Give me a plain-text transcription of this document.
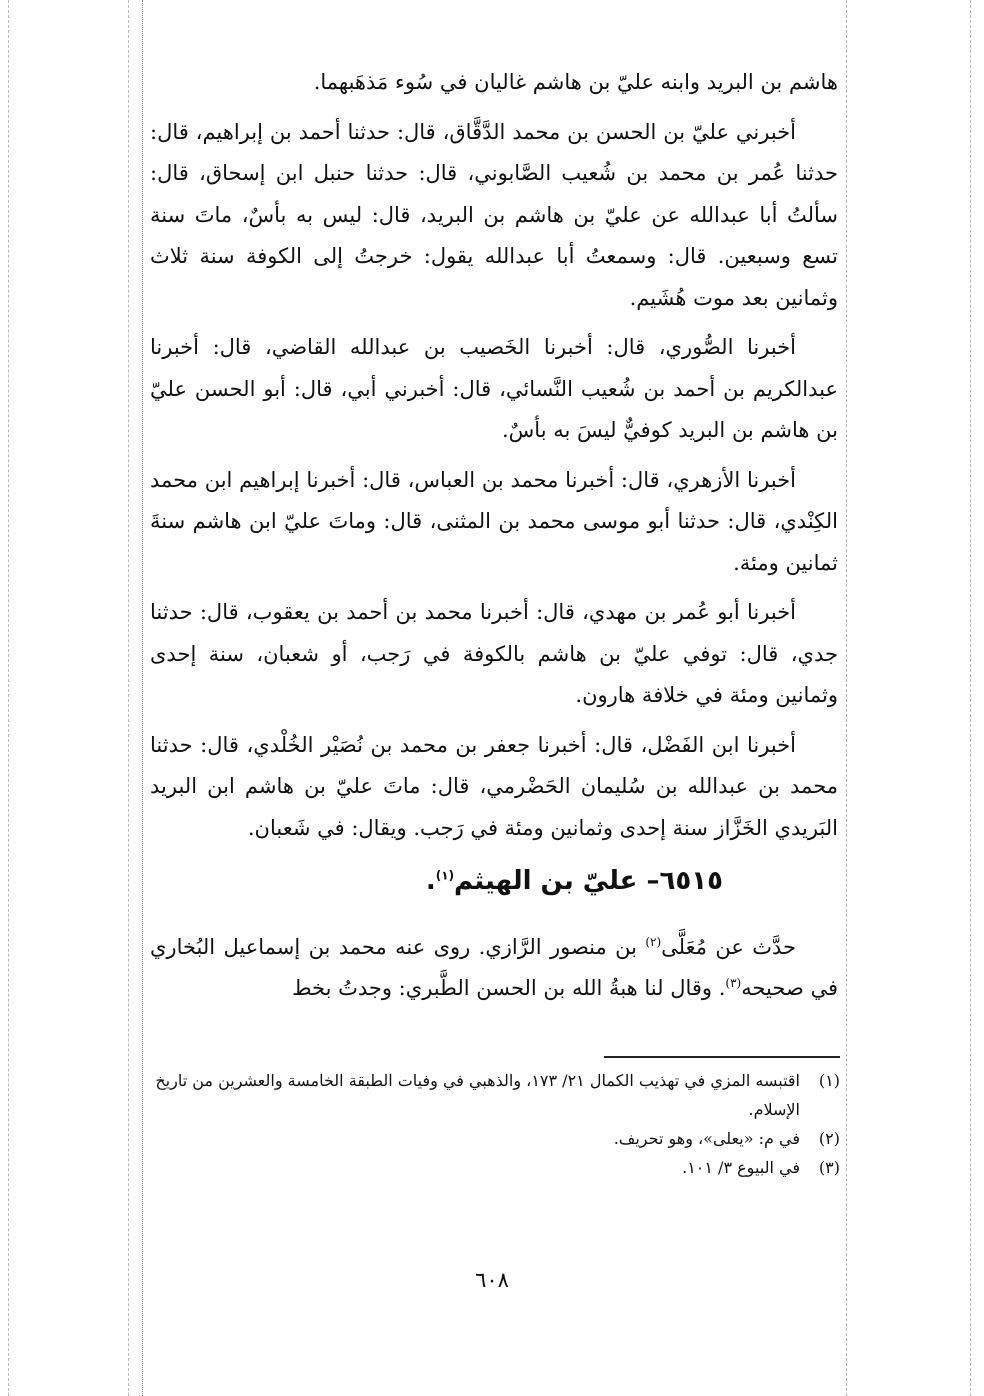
هاشم بن البريد وابنه عليّ بن هاشم غاليان في سُوء مَذهَبهما.

أخبرني عليّ بن الحسن بن محمد الدَّقَّاق، قال: حدثنا أحمد بن إبراهيم، قال: حدثنا عُمر بن محمد بن شُعيب الصَّابوني، قال: حدثنا حنبل ابن إسحاق، قال: سألتُ أبا عبدالله عن عليّ بن هاشم بن البريد، قال: ليس به بأسٌ، ماتَ سنة تسع وسبعين. قال: وسمعتُ أبا عبدالله يقول: خرجتُ إلى الكوفة سنة ثلاث وثمانين بعد موت هُشَيم.

أخبرنا الصُّوري، قال: أخبرنا الخَصيب بن عبدالله القاضي، قال: أخبرنا عبدالكريم بن أحمد بن شُعيب النَّسائي، قال: أخبرني أبي، قال: أبو الحسن عليّ بن هاشم بن البريد كوفيٌّ ليسَ به بأسٌ.

أخبرنا الأزهري، قال: أخبرنا محمد بن العباس، قال: أخبرنا إبراهيم ابن محمد الكِنْدي، قال: حدثنا أبو موسى محمد بن المثنى، قال: وماتَ عليّ ابن هاشم سنةَ ثمانين ومئة.

أخبرنا أبو عُمر بن مهدي، قال: أخبرنا محمد بن أحمد بن يعقوب، قال: حدثنا جدي، قال: توفي عليّ بن هاشم بالكوفة في رَجب، أو شعبان، سنة إحدى وثمانين ومئة في خلافة هارون.

أخبرنا ابن الفَضْل، قال: أخبرنا جعفر بن محمد بن نُصَيْر الخُلْدي، قال: حدثنا محمد بن عبدالله بن سُليمان الحَضْرمي، قال: ماتَ عليّ بن هاشم ابن البريد البَريدي الخَزَّاز سنة إحدى وثمانين ومئة في رَجب. ويقال: في شَعبان.

٦٥١٥– عليّ بن الهيثم$^{(١)}$.

حدَّث عن مُعَلَّى$^{(٢)}$ بن منصور الرَّازي. روى عنه محمد بن إسماعيل البُخاري في صحيحه$^{(٣)}$. وقال لنا هبةُ الله بن الحسن الطَّبري: وجدتُ بخط

(١)
اقتبسه المزي في تهذيب الكمال ٢١/ ١٧٣، والذهبي في وفيات الطبقة الخامسة والعشرين من تاريخ الإسلام.
(٢)
في م: «يعلى»، وهو تحريف.
(٣)
في البيوع ٣/ ١٠١.
٦٠٨
